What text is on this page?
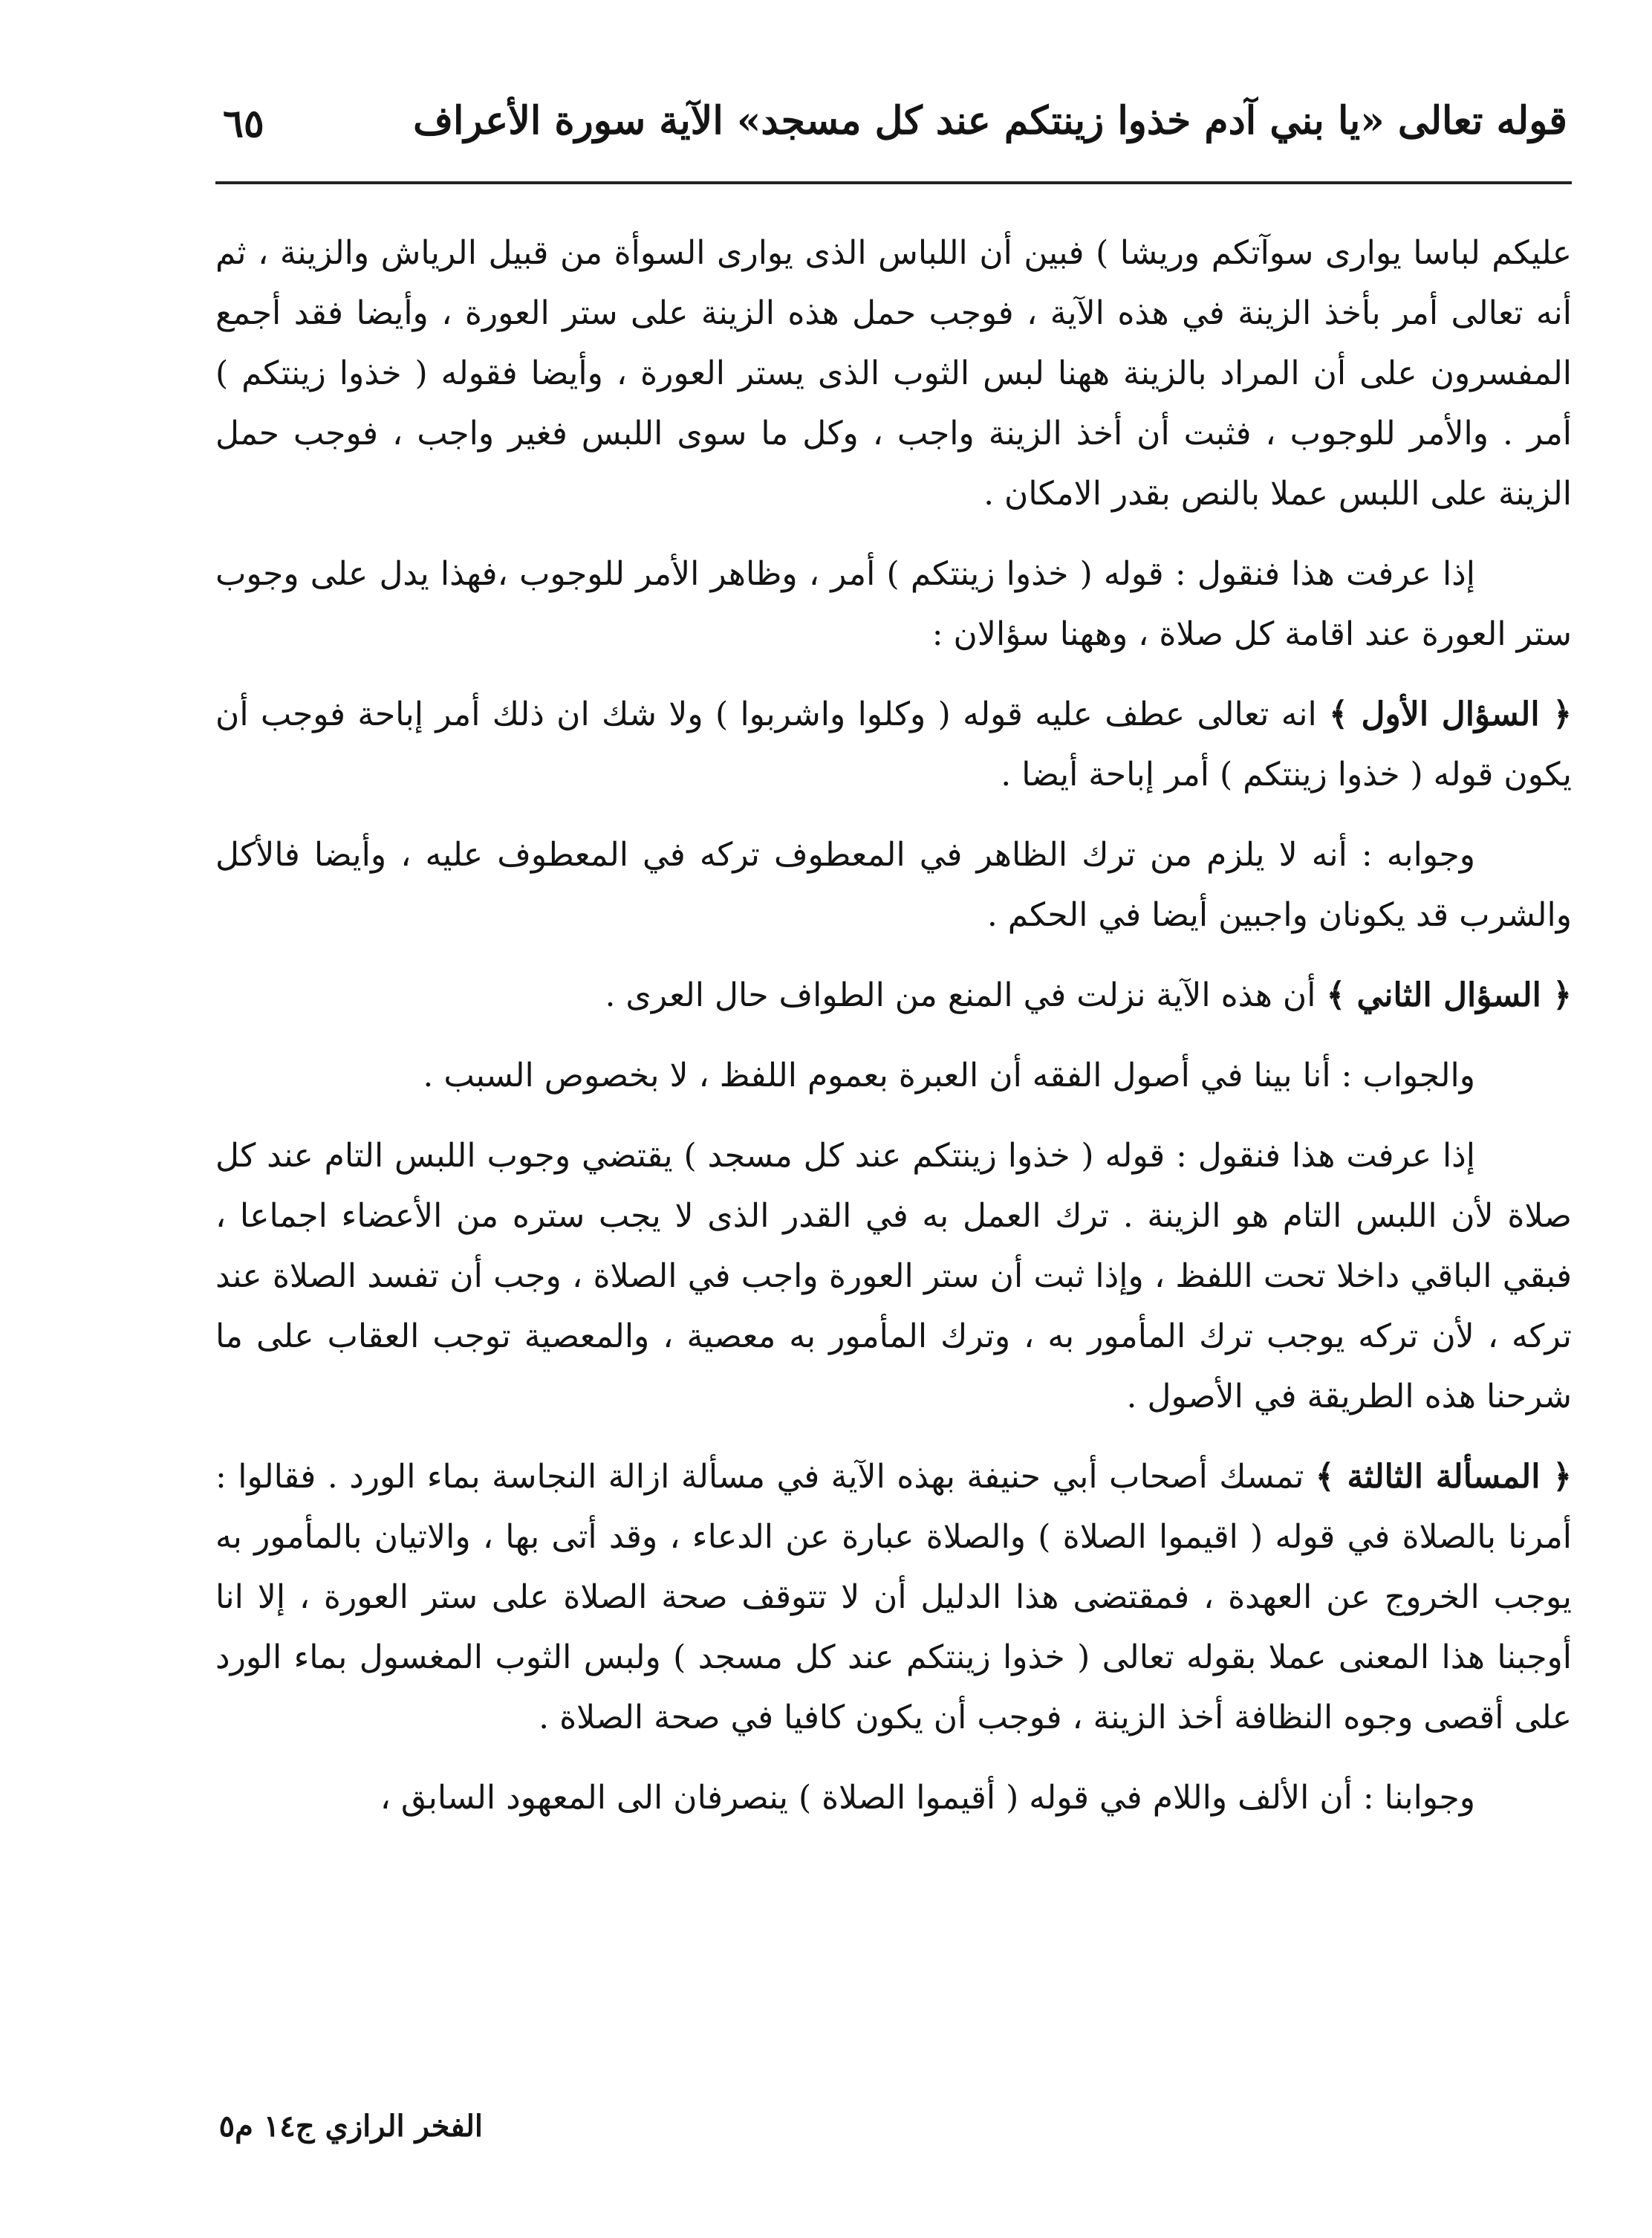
قوله تعالى «يا بني آدم خذوا زينتكم عند كل مسجد» الآية سورة الأعراف
٦٥

عليكم لباسا يوارى سوآتكم وريشا ) فبين أن اللباس الذى يوارى السوأة من قبيل الرياش والزينة ، ثم أنه تعالى أمر بأخذ الزينة في هذه الآية ، فوجب حمل هذه الزينة على ستر العورة ، وأيضا فقد أجمع المفسرون على أن المراد بالزينة ههنا لبس الثوب الذى يستر العورة ، وأيضا فقوله ( خذوا زينتكم ) أمر . والأمر للوجوب ، فثبت أن أخذ الزينة واجب ، وكل ما سوى اللبس فغير واجب ، فوجب حمل الزينة على اللبس عملا بالنص بقدر الامكان .

إذا عرفت هذا فنقول : قوله ( خذوا زينتكم ) أمر ، وظاهر الأمر للوجوب ،فهذا يدل على وجوب ستر العورة عند اقامة كل صلاة ، وههنا سؤالان :

﴿ السؤال الأول ﴾ انه تعالى عطف عليه قوله ( وكلوا واشربوا ) ولا شك ان ذلك أمر إباحة فوجب أن يكون قوله ( خذوا زينتكم ) أمر إباحة أيضا .

وجوابه : أنه لا يلزم من ترك الظاهر في المعطوف تركه في المعطوف عليه ، وأيضا فالأكل والشرب قد يكونان واجبين أيضا في الحكم .

﴿ السؤال الثاني ﴾ أن هذه الآية نزلت في المنع من الطواف حال العرى .

والجواب : أنا بينا في أصول الفقه أن العبرة بعموم اللفظ ، لا بخصوص السبب .

إذا عرفت هذا فنقول : قوله ( خذوا زينتكم عند كل مسجد ) يقتضي وجوب اللبس التام عند كل صلاة لأن اللبس التام هو الزينة . ترك العمل به في القدر الذى لا يجب ستره من الأعضاء اجماعا ، فبقي الباقي داخلا تحت اللفظ ، وإذا ثبت أن ستر العورة واجب في الصلاة ، وجب أن تفسد الصلاة عند تركه ، لأن تركه يوجب ترك المأمور به ، وترك المأمور به معصية ، والمعصية توجب العقاب على ما شرحنا هذه الطريقة في الأصول .

﴿ المسألة الثالثة ﴾ تمسك أصحاب أبي حنيفة بهذه الآية في مسألة ازالة النجاسة بماء الورد . فقالوا : أمرنا بالصلاة في قوله ( اقيموا الصلاة ) والصلاة عبارة عن الدعاء ، وقد أتى بها ، والاتيان بالمأمور به يوجب الخروج عن العهدة ، فمقتضى هذا الدليل أن لا تتوقف صحة الصلاة على ستر العورة ، إلا انا أوجبنا هذا المعنى عملا بقوله تعالى ( خذوا زينتكم عند كل مسجد ) ولبس الثوب المغسول بماء الورد على أقصى وجوه النظافة أخذ الزينة ، فوجب أن يكون كافيا في صحة الصلاة .

وجوابنا : أن الألف واللام في قوله ( أقيموا الصلاة ) ينصرفان الى المعهود السابق ،

الفخر الرازي ج١٤ م٥
